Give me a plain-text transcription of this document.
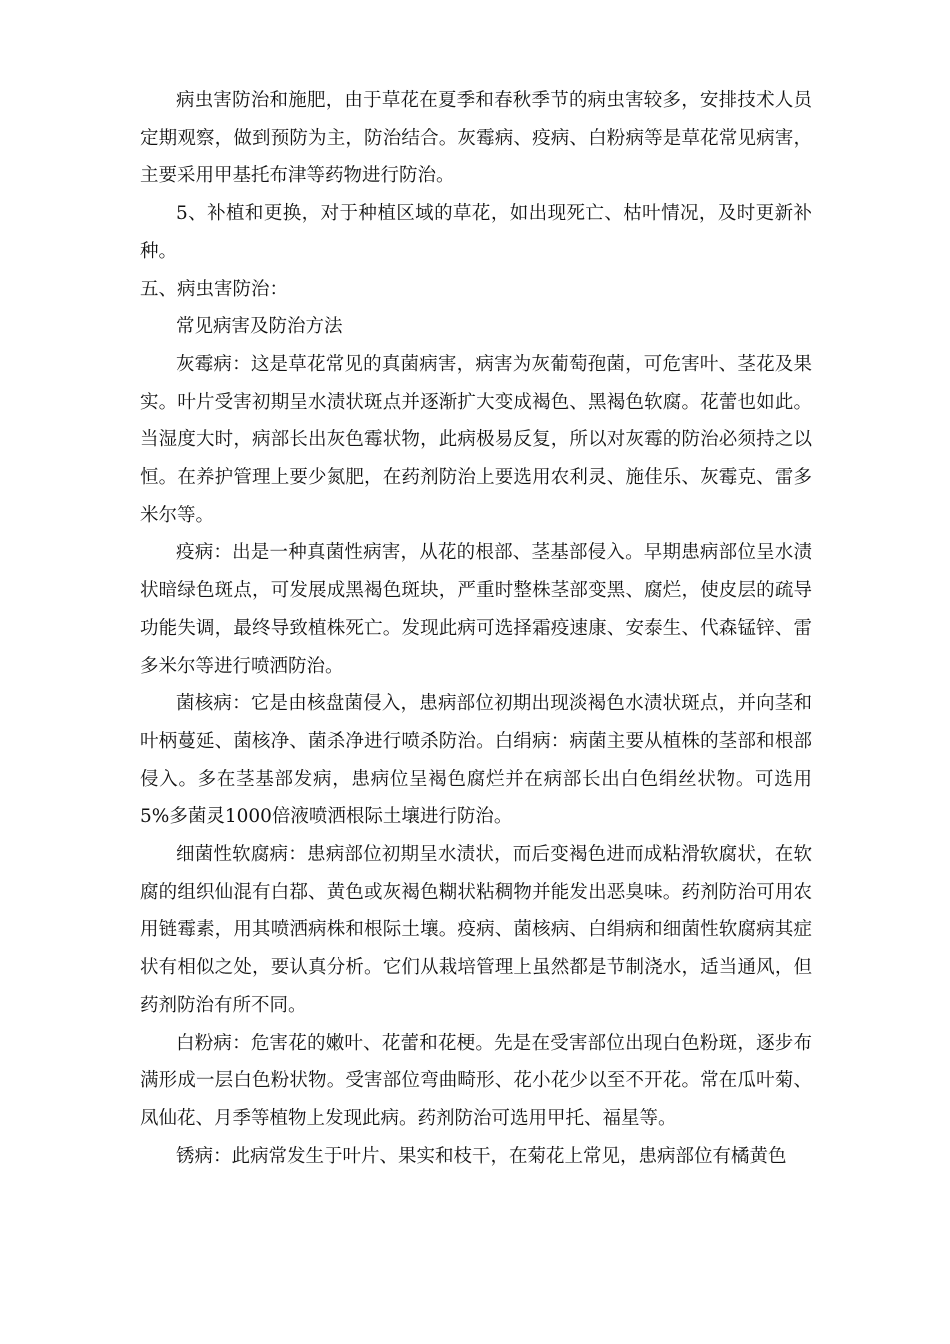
病虫害防治和施肥，由于草花在夏季和春秋季节的病虫害较多，安排技术人员定期观察，做到预防为主，防治结合。灰霉病、疫病、白粉病等是草花常见病害，主要采用甲基托布津等药物进行防治。

5、补植和更换，对于种植区域的草花，如出现死亡、枯叶情况，及时更新补种。

五、病虫害防治：

常见病害及防治方法

灰霉病：这是草花常见的真菌病害，病害为灰葡萄孢菌，可危害叶、茎花及果实。叶片受害初期呈水渍状斑点并逐渐扩大变成褐色、黑褐色软腐。花蕾也如此。当湿度大时，病部长出灰色霉状物，此病极易反复，所以对灰霉的防治必须持之以恒。在养护管理上要少氮肥，在药剂防治上要选用农利灵、施佳乐、灰霉克、雷多米尔等。

疫病：出是一种真菌性病害，从花的根部、茎基部侵入。早期患病部位呈水渍状暗绿色斑点，可发展成黑褐色斑块，严重时整株茎部变黑、腐烂，使皮层的疏导功能失调，最终导致植株死亡。发现此病可选择霜疫速康、安泰生、代森锰锌、雷多米尔等进行喷洒防治。

菌核病：它是由核盘菌侵入，患病部位初期出现淡褐色水渍状斑点，并向茎和叶柄蔓延、菌核净、菌杀净进行喷杀防治。白绢病：病菌主要从植株的茎部和根部侵入。多在茎基部发病，患病位呈褐色腐烂并在病部长出白色绢丝状物。可选用5%多菌灵1000倍液喷洒根际土壤进行防治。

细菌性软腐病：患病部位初期呈水渍状，而后变褐色进而成粘滑软腐状，在软腐的组织仙混有白鄀、黄色或灰褐色糊状粘稠物并能发出恶臭味。药剂防治可用农用链霉素，用其喷洒病株和根际土壤。疫病、菌核病、白绢病和细菌性软腐病其症状有相似之处，要认真分析。它们从栽培管理上虽然都是节制浇水，适当通风，但药剂防治有所不同。

白粉病：危害花的嫩叶、花蕾和花梗。先是在受害部位出现白色粉斑，逐步布满形成一层白色粉状物。受害部位弯曲畸形、花小花少以至不开花。常在瓜叶菊、凤仙花、月季等植物上发现此病。药剂防治可选用甲托、福星等。

锈病：此病常发生于叶片、果实和枝干，在菊花上常见，患病部位有橘黄色
